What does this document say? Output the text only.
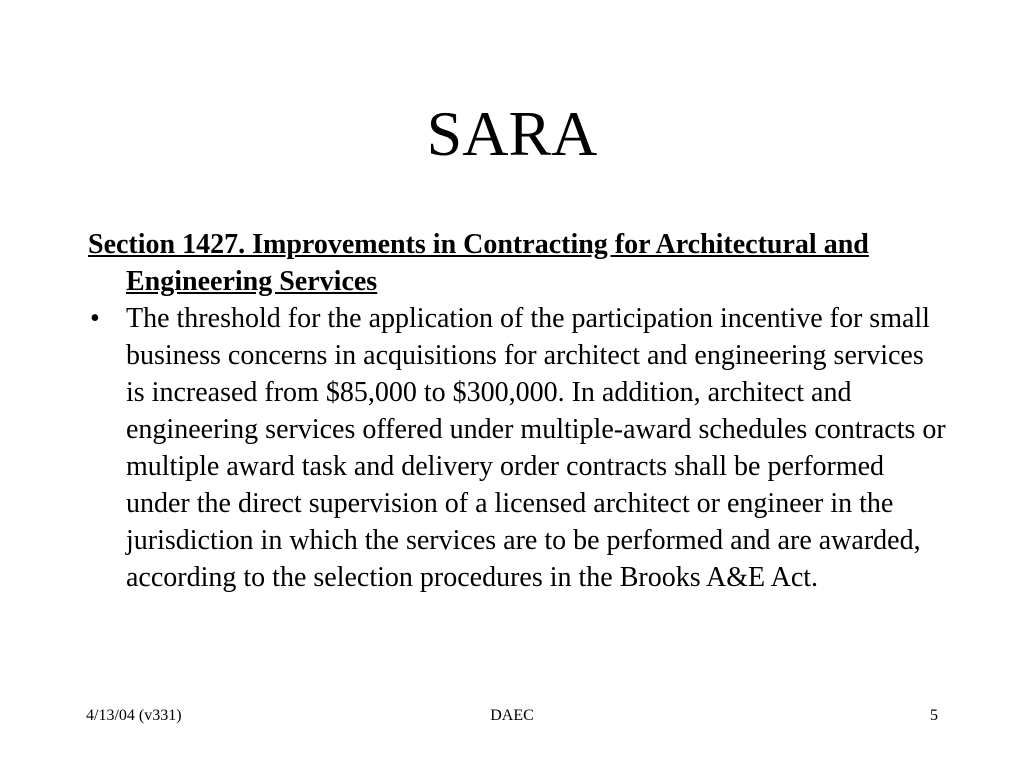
SARA

Section 1427. Improvements in Contracting for Architectural and Engineering Services

• The threshold for the application of the participation incentive for small business concerns in acquisitions for architect and engineering services is increased from $85,000 to $300,000. In addition, architect and engineering services offered under multiple-award schedules contracts or multiple award task and delivery order contracts shall be performed under the direct supervision of a licensed architect or engineer in the jurisdiction in which the services are to be performed and are awarded, according to the selection procedures in the Brooks A&E Act.
4/13/04 (v331)	DAEC	5
